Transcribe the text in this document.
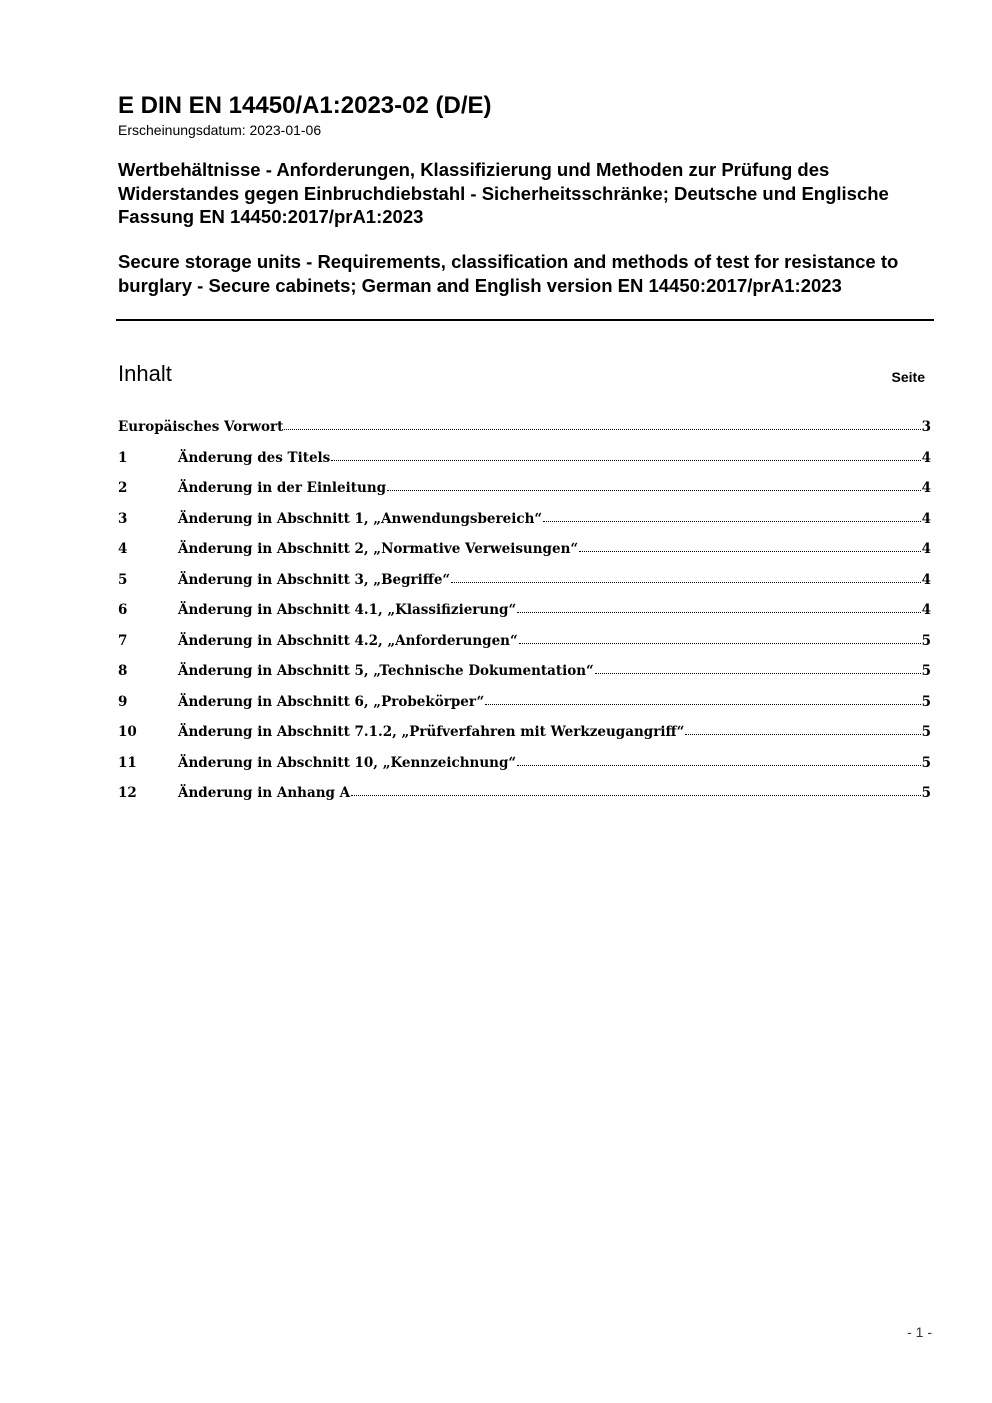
E DIN EN 14450/A1:2023-02 (D/E)
Erscheinungsdatum: 2023-01-06
Wertbehältnisse - Anforderungen, Klassifizierung und Methoden zur Prüfung des Widerstandes gegen Einbruchdiebstahl - Sicherheitsschränke; Deutsche und Englische Fassung EN 14450:2017/prA1:2023
Secure storage units - Requirements, classification and methods of test for resistance to burglary - Secure cabinets; German and English version EN 14450:2017/prA1:2023
Inhalt	Seite
Europäisches Vorwort	3
1	Änderung des Titels	4
2	Änderung in der Einleitung	4
3	Änderung in Abschnitt 1, „Anwendungsbereich“	4
4	Änderung in Abschnitt 2, „Normative Verweisungen“	4
5	Änderung in Abschnitt 3, „Begriffe“	4
6	Änderung in Abschnitt 4.1, „Klassifizierung“	4
7	Änderung in Abschnitt 4.2, „Anforderungen“	5
8	Änderung in Abschnitt 5, „Technische Dokumentation“	5
9	Änderung in Abschnitt 6, „Probekörper“	5
10	Änderung in Abschnitt 7.1.2, „Prüfverfahren mit Werkzeugangriff“	5
11	Änderung in Abschnitt 10, „Kennzeichnung“	5
12	Änderung in Anhang A	5
- 1 -
